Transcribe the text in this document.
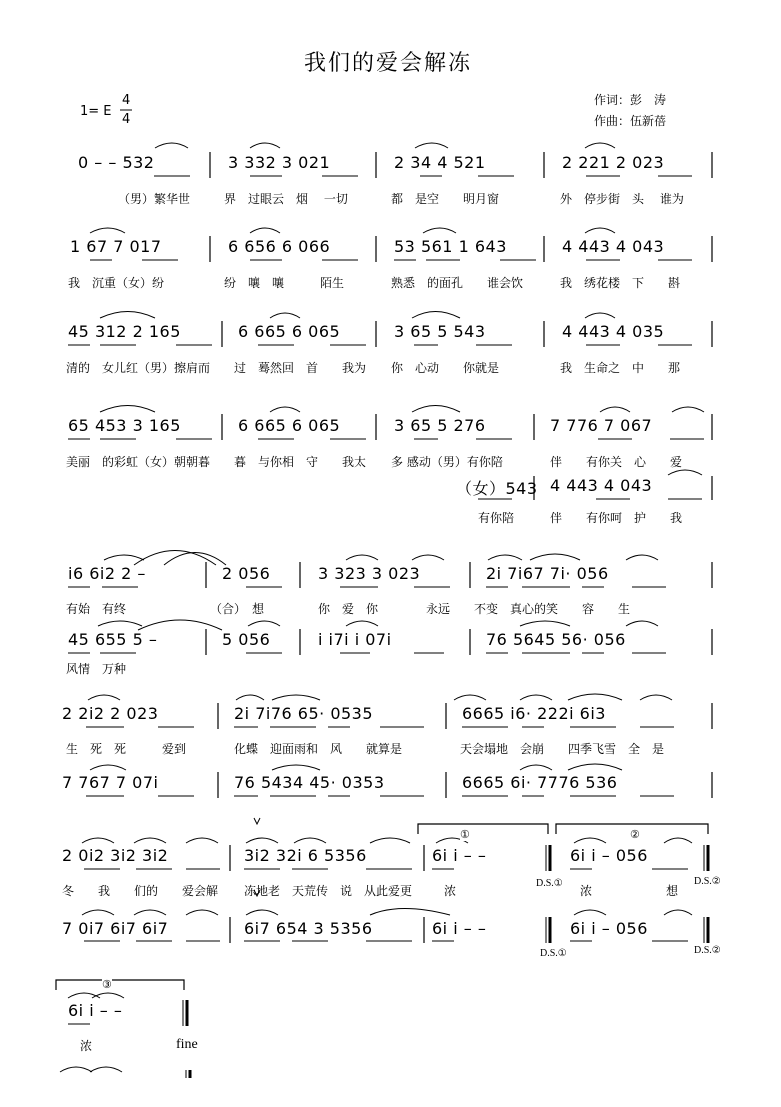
我们的爱会解冻
1= E
4
4
作词：彭　涛
作曲：伍新蓓
0 – – 532	3 332 3 021	2 34 4 521	2 221 2 023
（男）繁华世	界　过眼云　烟　 一切	都　是空　　明月窗	外　停步街　头　 谁为
1 67 7 017	6 656 6 066	53 561 1 643	4 443 4 043
我　沉重（女）纷	纷　嚷　嚷　　　陌生	熟悉　的面孔　　谁会饮	我　绣花楼　下　　斟
45 312 2 165	6 665 6 065	3 65 5 543	4 443 4 035
清的　女儿红（男）擦肩而 过　蓦然回　首　　我为 你　心动　　你就是	我　生命之　中　　那
65 453 3 165	6 665 6 065	3 65 5 276	7 776 7 067
美丽　的彩虹（女）朝朝暮 暮　与你相　守　　我太 多 感动（男）有你陪	伴　　有你关　心　　爱
（女）543 4 443 4 043
有你陪	伴　　有你呵　护　　我
i6 6i2 2 –	2 056	3 323 3 023	2i 7i67 7i· 056
有始　有终	（合）　想	你　爱　你	永远　　不变　真心的笑　　容　　生
45 655 5 –	5 056	i i7i i 07i	76 5645 56· 056
风情　万种
2 2i2 2 023	2i 7i76 65· 0535	6665 i6· 222i 6i3
生　死　死　　　爱到	化蝶　迎面雨和　风　　就算是	天会塌地　会崩　　四季飞雪　全　是
7 767 7 07i	76 5434 45· 0353	6665 6i· 7776 536
2 0i2 3i2 3i2	3i2 32i 6 5356	6i i – –	6i i – 056
冬　　我　　们的　　爱会解 冻地老　天荒传　说　从此爱更	浓	浓	想
7 0i7 6i7 6i7	6i7 654 3 5356	6i i – –	6i i – 056
6i i – –
浓
D.S.①	D.S.②
D.S.①	D.S.②
①	②
③
fine
